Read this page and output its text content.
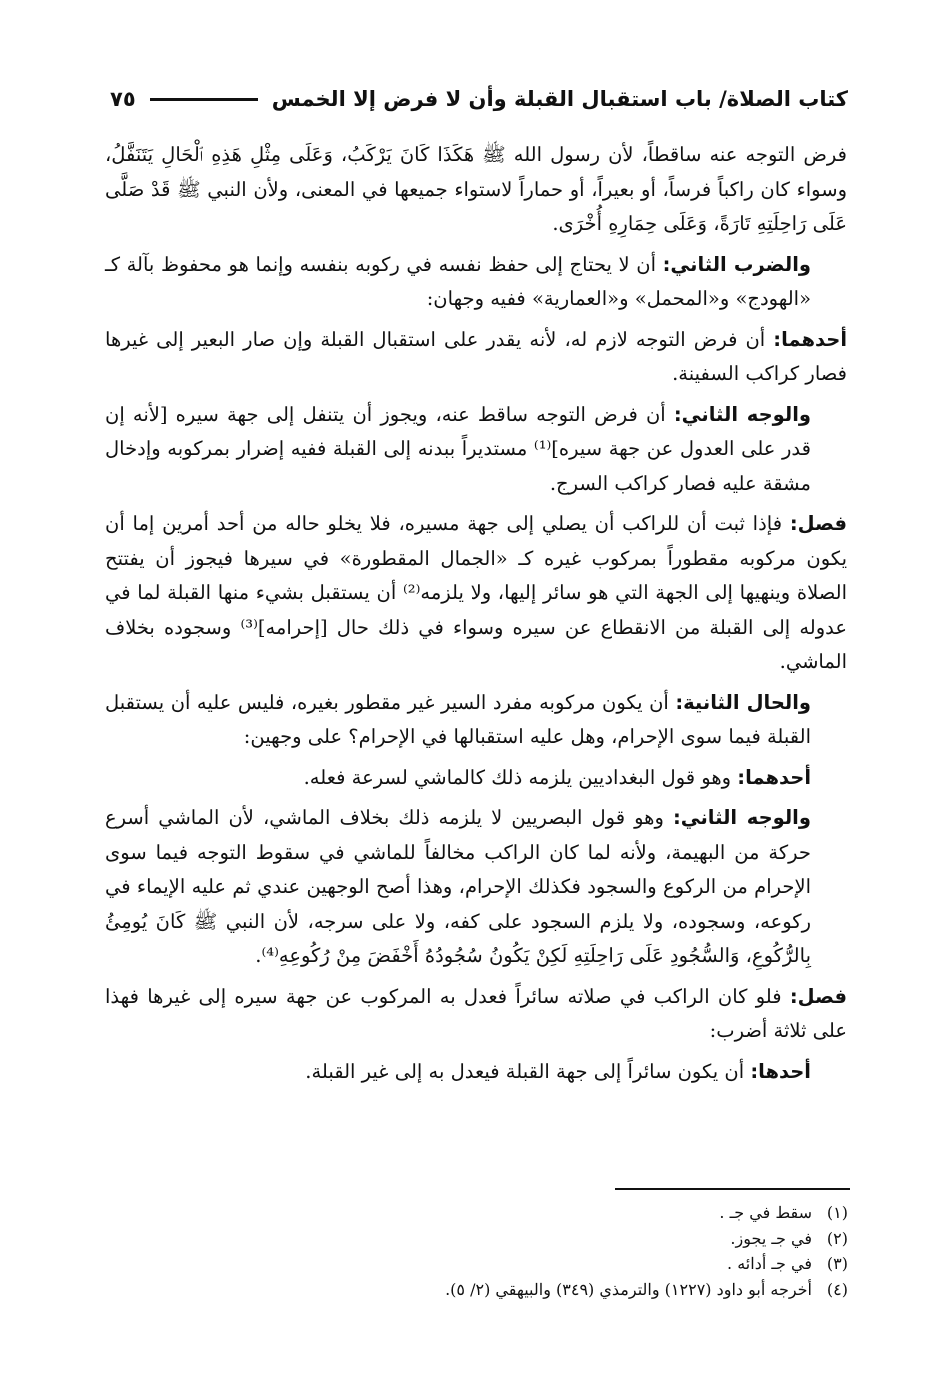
كتاب الصلاة/ باب استقبال القبلة وأن لا فرض إلا الخمس
٧٥

فرض التوجه عنه ساقطاً، لأن رسول الله ﷺ هَكَذَا كَانَ يَرْكَبُ، وَعَلَى مِثْلِ هَذِهِ ٱلْحَالِ يَتَنَفَّلُ، وسواء كان راكباً فرساً، أو بعيراً، أو حماراً لاستواء جميعها في المعنى، ولأن النبي ﷺ قَدْ صَلَّى عَلَى رَاحِلَتِهِ تَارَةً، وَعَلَى حِمَارِهِ أُخْرَى.

والضرب الثاني: أن لا يحتاج إلى حفظ نفسه في ركوبه بنفسه وإنما هو محفوظ بآلة كـ «الهودج» و«المحمل» و«العمارية» ففيه وجهان:

أحدهما: أن فرض التوجه لازم له، لأنه يقدر على استقبال القبلة وإن صار البعير إلى غيرها فصار كراكب السفينة.

والوجه الثاني: أن فرض التوجه ساقط عنه، ويجوز أن يتنفل إلى جهة سيره [لأنه إن قدر على العدول عن جهة سيره]⁽¹⁾ مستديراً ببدنه إلى القبلة ففيه إضرار بمركوبه وإدخال مشقة عليه فصار كراكب السرج.

فصل: فإذا ثبت أن للراكب أن يصلي إلى جهة مسيره، فلا يخلو حاله من أحد أمرين إما أن يكون مركوبه مقطوراً بمركوب غيره كـ «الجمال المقطورة» في سيرها فيجوز أن يفتتح الصلاة وينهيها إلى الجهة التي هو سائر إليها، ولا يلزمه⁽²⁾ أن يستقبل بشيء منها القبلة لما في عدوله إلى القبلة من الانقطاع عن سيره وسواء في ذلك حال [إحرامه]⁽³⁾ وسجوده بخلاف الماشي.

والحال الثانية: أن يكون مركوبه مفرد السير غير مقطور بغيره، فليس عليه أن يستقبل القبلة فيما سوى الإحرام، وهل عليه استقبالها في الإحرام؟ على وجهين:

أحدهما: وهو قول البغداديين يلزمه ذلك كالماشي لسرعة فعله.

والوجه الثاني: وهو قول البصريين لا يلزمه ذلك بخلاف الماشي، لأن الماشي أسرع حركة من البهيمة، ولأنه لما كان الراكب مخالفاً للماشي في سقوط التوجه فيما سوى الإحرام من الركوع والسجود فكذلك الإحرام، وهذا أصح الوجهين عندي ثم عليه الإيماء في ركوعه، وسجوده، ولا يلزم السجود على كفه، ولا على سرجه، لأن النبي ﷺ كَانَ يُومِئُ بِالرُّكُوعِ، وَالسُّجُودِ عَلَى رَاحِلَتِهِ لَكِنْ يَكُونُ سُجُودُهُ أَخْفَضَ مِنْ رُكُوعِهِ⁽⁴⁾.

فصل: فلو كان الراكب في صلاته سائراً فعدل به المركوب عن جهة سيره إلى غيرها فهذا على ثلاثة أضرب:

أحدها: أن يكون سائراً إلى جهة القبلة فيعدل به إلى غير القبلة.

(١)
سقط في جـ .
(٢)
في جـ يجوز.
(٣)
في جـ أدائه .
(٤)
أخرجه أبو داود (١٢٢٧) والترمذي (٣٤٩) والبيهقي (٢/ ٥).
